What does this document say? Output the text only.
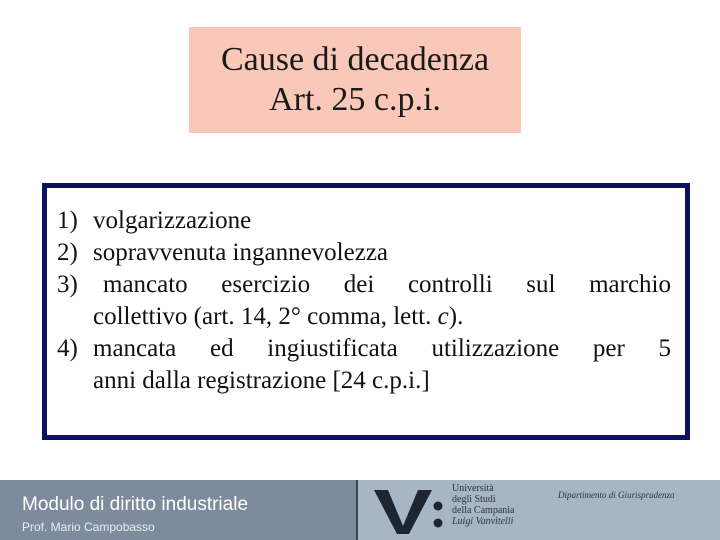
Cause di decadenza
Art. 25 c.p.i.
1) volgarizzazione
2) sopravvenuta ingannevolezza
3)	mancato esercizio dei controlli sul marchio
collettivo (art. 14, 2° comma, lett. c).
4) mancata ed ingiustificata utilizzazione per 5
anni dalla registrazione [24 c.p.i.]
Modulo di diritto industriale
Prof. Mario Campobasso
Università
degli Studi
della Campania
Luigi Vanvitelli
Dipartimento di Giurisprudenza
